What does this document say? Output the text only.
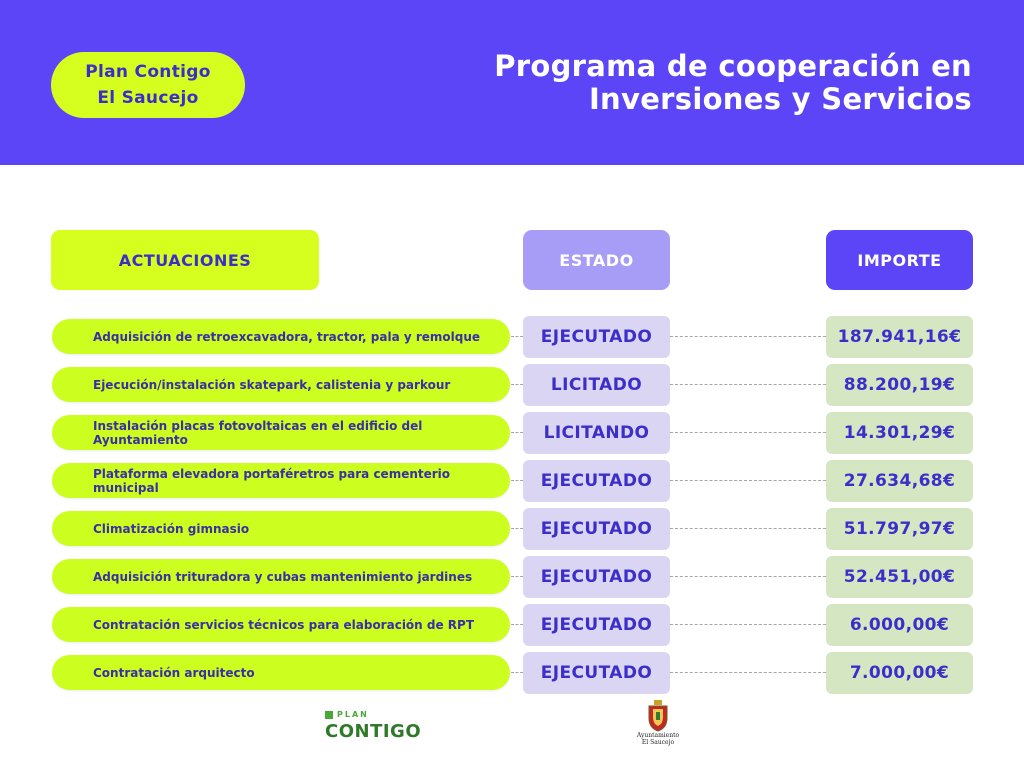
Plan Contigo
El Saucejo
Programa de cooperación en
Inversiones y Servicios
ACTUACIONES	ESTADO	IMPORTE
Adquisición de retroexcavadora, tractor, pala y remolque	EJECUTADO	187.941,16€
Ejecución/instalación skatepark, calistenia y parkour	LICITADO	88.200,19€
Instalación placas fotovoltaicas en el edificio del Ayuntamiento	LICITANDO	14.301,29€
Plataforma elevadora portaféretros para cementerio municipal	EJECUTADO	27.634,68€
Climatización gimnasio	EJECUTADO	51.797,97€
Adquisición trituradora y cubas mantenimiento jardines	EJECUTADO	52.451,00€
Contratación servicios técnicos para elaboración de RPT	EJECUTADO	6.000,00€
Contratación arquitecto	EJECUTADO	7.000,00€
PLAN
CONTIGO	Ayuntamiento
El Saucejo
